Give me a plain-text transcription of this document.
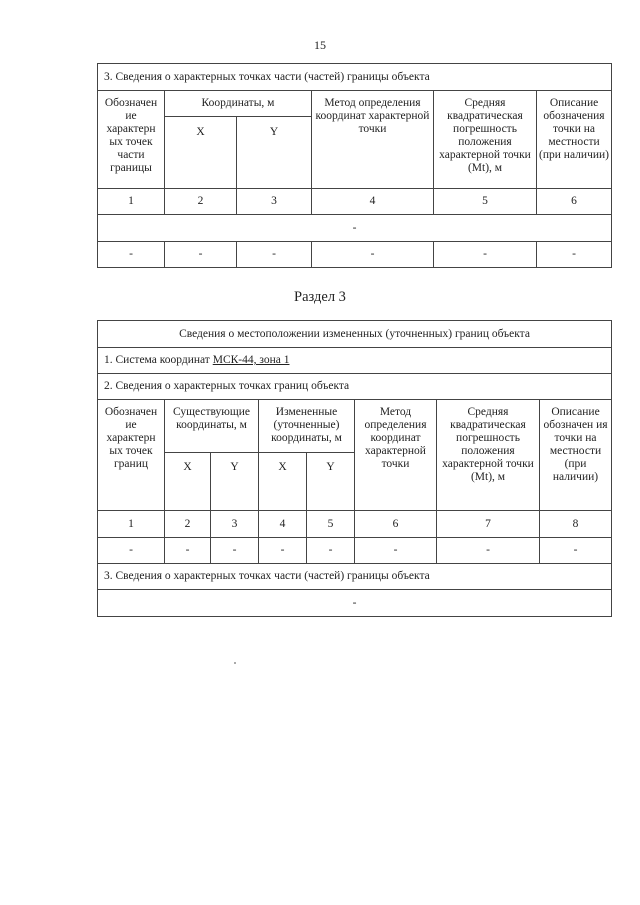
15
3. Сведения о характерных точках части (частей) границы объекта					
Обозначен ие характерн ых точек части границы	Координаты, м		Метод определения координат характерной точки	Средняя квадратическая погрешность положения характерной точки (Mt), м	Описание обозначения точки на местности (при наличии)
	X	Y			
1	2	3	4	5	6
-					
-	-	-	-	-	-
Раздел 3
Сведения о местоположении измененных (уточненных) границ объекта							
1. Система координат МСК-44, зона 1							
2. Сведения о характерных точках границ объекта							
Обозначен ие характерн ых точек границ	Существующие координаты, м		Измененные (уточненные) координаты, м		Метод определения координат характерной точки	Средняя квадратическая погрешность положения характерной точки (Mt), м	Описание обозначен ия точки на местности (при наличии)
	X	Y	X	Y			
1	2	3	4	5	6	7	8
-	-	-	-	-	-	-	-
3. Сведения о характерных точках части (частей) границы объекта							
-							
